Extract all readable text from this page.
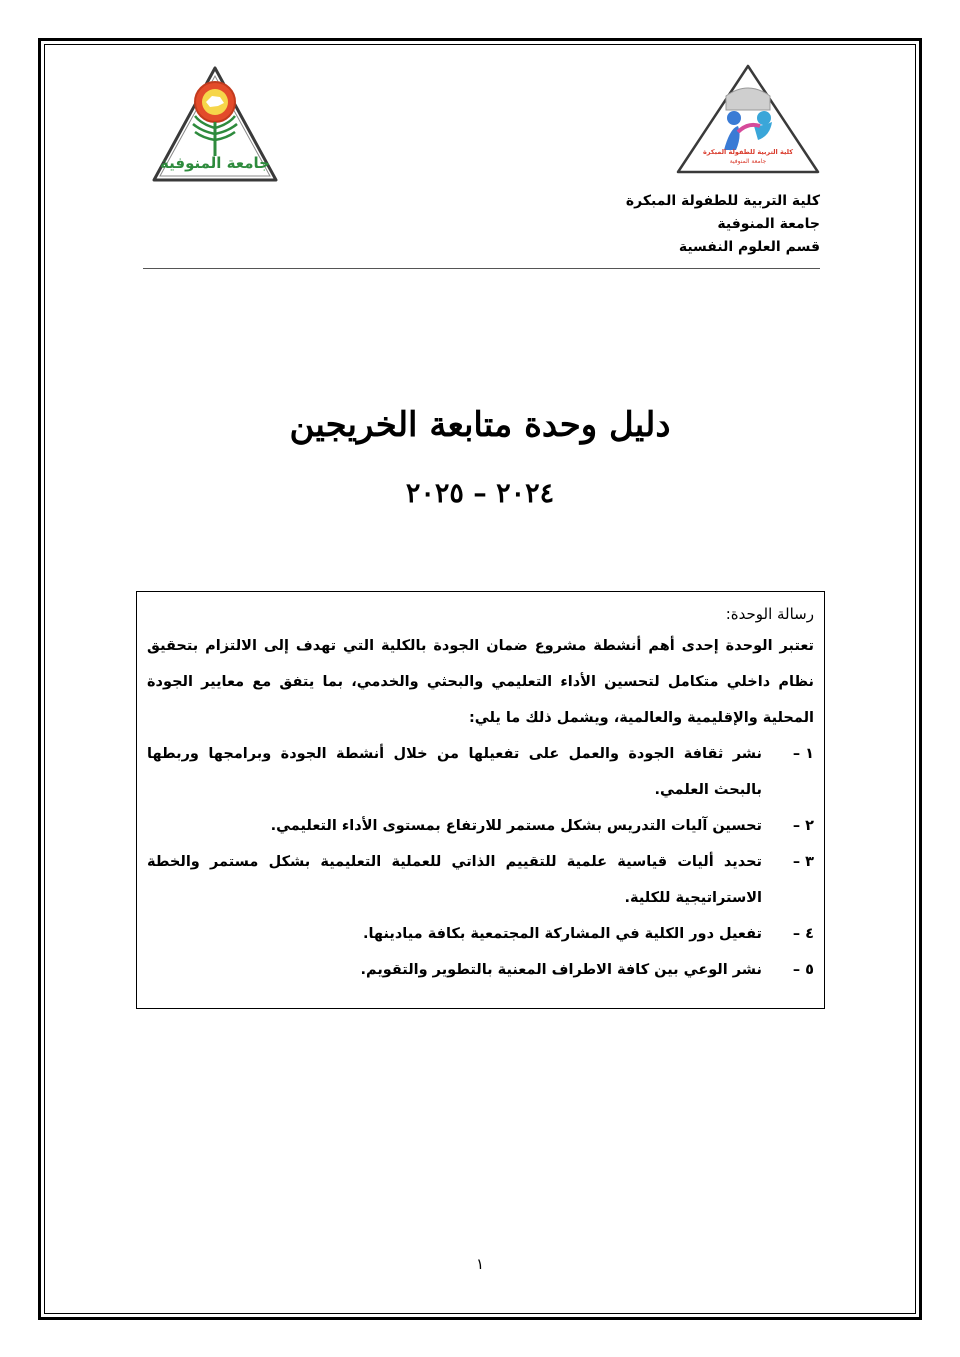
جامعة المنوفية
كلية التربية للطفولة المبكرة
جامعة المنوفية
كلية التربية للطفولة المبكرة
جامعة المنوفية
قسم العلوم النفسية
دليل وحدة متابعة الخريجين
٢٠٢٤ – ٢٠٢٥

رسالة الوحدة:

تعتبر الوحدة إحدى أهم أنشطة مشروع ضمان الجودة بالكلية التي تهدف إلى الالتزام بتحقيق نظام داخلي متكامل لتحسين الأداء التعليمي والبحثي والخدمي، بما يتفق مع معايير الجودة المحلية والإقليمية والعالمية، ويشمل ذلك ما يلي:

١ –
نشر ثقافة الجودة والعمل على تفعيلها من خلال أنشطة الجودة وبرامجها وربطها بالبحث العلمي.
٢ –
تحسين آليات التدريس بشكل مستمر للارتفاع بمستوى الأداء التعليمي.
٣ –
تحديد أليات قياسية علمية للتقييم الذاتي للعملية التعليمية بشكل مستمر والخطة الاستراتيجية للكلية.
٤ –
تفعيل دور الكلية في المشاركة المجتمعية بكافة ميادينها.
٥ –
نشر الوعي بين كافة الاطراف المعنية بالتطوير والتقويم.
١
